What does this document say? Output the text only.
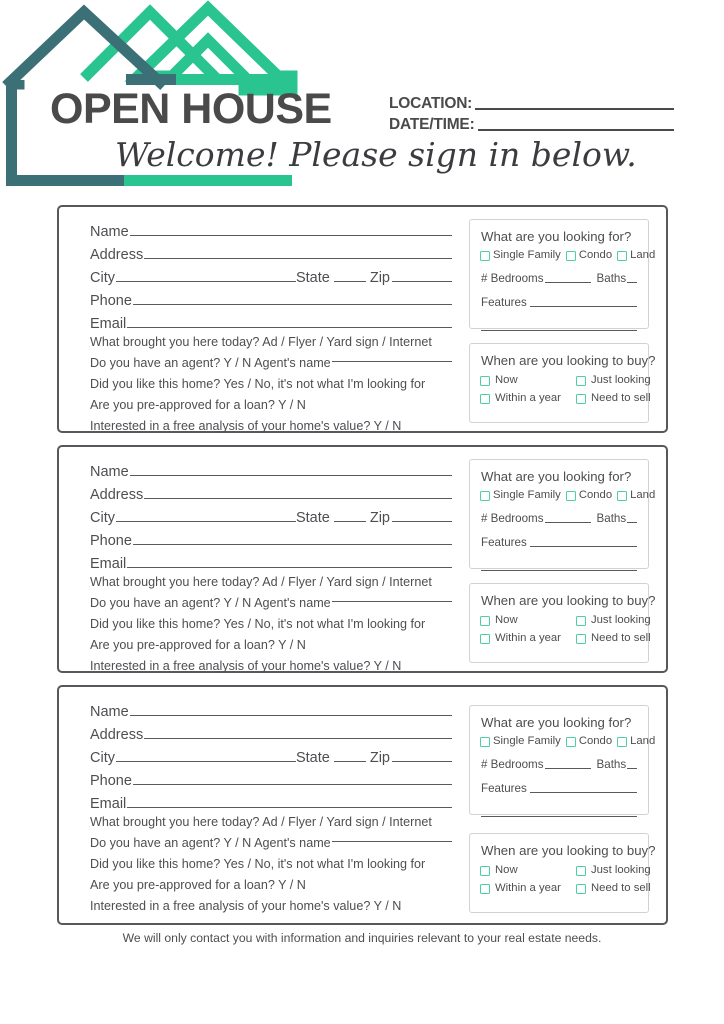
OPEN HOUSE
Welcome! Please sign in below.
LOCATION:
DATE/TIME:
Name
Address
City	State	Zip
Phone
Email
What brought you here today? Ad / Flyer / Yard sign / Internet
Do you have an agent? Y / N Agent's name
Did you like this home? Yes / No, it's not what I'm looking for
Are you pre-approved for a loan? Y / N
Interested in a free analysis of your home's value? Y / N
What are you looking for?
Single Family Condo Land
# Bedrooms	Baths
Features
When are you looking to buy?
Now	Just looking
Within a year	Need to sell
Name
Address
City	State	Zip
Phone
Email
What brought you here today? Ad / Flyer / Yard sign / Internet
Do you have an agent? Y / N Agent's name
Did you like this home? Yes / No, it's not what I'm looking for
Are you pre-approved for a loan? Y / N
Interested in a free analysis of your home's value? Y / N
What are you looking for?
Single Family Condo Land
# Bedrooms	Baths
Features
When are you looking to buy?
Now	Just looking
Within a year	Need to sell
Name
Address
City	State	Zip
Phone
Email
What brought you here today? Ad / Flyer / Yard sign / Internet
Do you have an agent? Y / N Agent's name
Did you like this home? Yes / No, it's not what I'm looking for
Are you pre-approved for a loan? Y / N
Interested in a free analysis of your home's value? Y / N
What are you looking for?
Single Family Condo Land
# Bedrooms	Baths
Features
When are you looking to buy?
Now	Just looking
Within a year	Need to sell
We will only contact you with information and inquiries relevant to your real estate needs.
